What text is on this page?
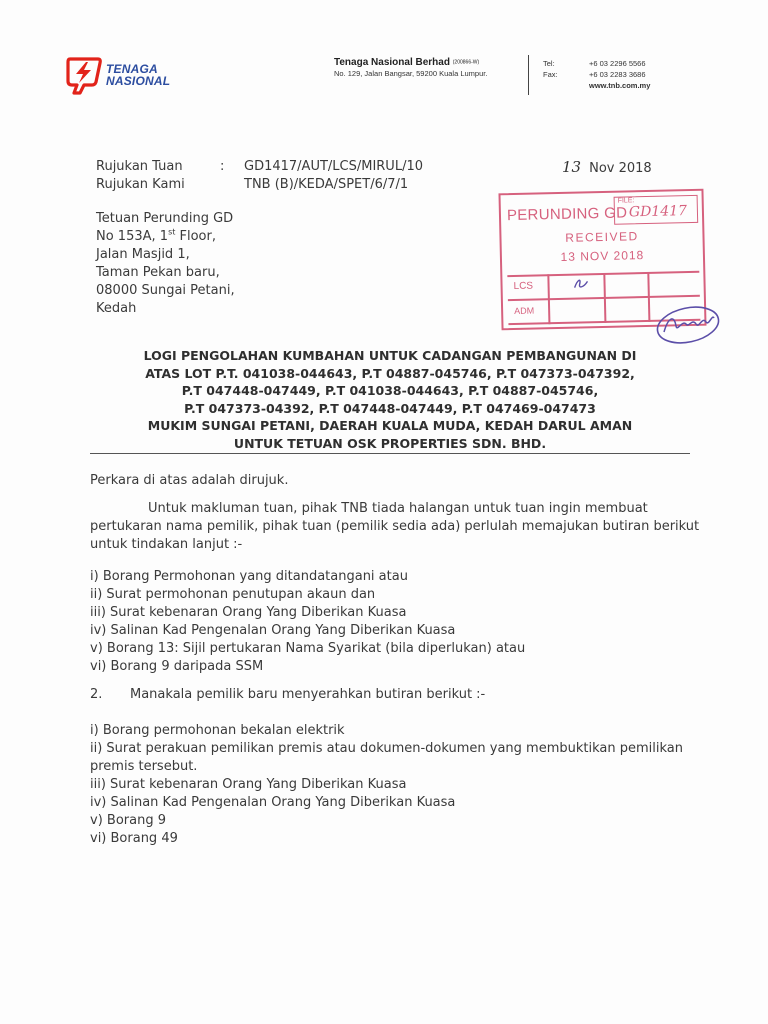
TENAGA
NASIONAL
Tenaga Nasional Berhad (200866-W)
No. 129, Jalan Bangsar, 59200 Kuala Lumpur.
Tel:	+6 03 2296 5566
Fax:	+6 03 2283 3686
www.tnb.com.my
Rujukan Tuan	: GD1417/AUT/LCS/MIRUL/10
Rujukan Kami	TNB (B)/KEDA/SPET/6/7/1
13 Nov 2018
Tetuan Perunding GD
No 153A, 1st Floor,
Jalan Masjid 1,
Taman Pekan baru,
08000 Sungai Petani,
Kedah
PERUNDING GD
FILE:
GD1417
RECEIVED
13 NOV 2018
LCS
ADM
LOGI PENGOLAHAN KUMBAHAN UNTUK CADANGAN PEMBANGUNAN DI
ATAS LOT P.T. 041038-044643, P.T 04887-045746, P.T 047373-047392,
P.T 047448-047449, P.T 041038-044643, P.T 04887-045746,
P.T 047373-04392, P.T 047448-047449, P.T 047469-047473
MUKIM SUNGAI PETANI, DAERAH KUALA MUDA, KEDAH DARUL AMAN
UNTUK TETUAN OSK PROPERTIES SDN. BHD.
Perkara di atas adalah dirujuk.
Untuk makluman tuan, pihak TNB tiada halangan untuk tuan ingin membuat pertukaran nama pemilik, pihak tuan (pemilik sedia ada) perlulah memajukan butiran berikut untuk tindakan lanjut :-
i) Borang Permohonan yang ditandatangani atau
ii) Surat permohonan penutupan akaun dan
iii) Surat kebenaran Orang Yang Diberikan Kuasa
iv) Salinan Kad Pengenalan Orang Yang Diberikan Kuasa
v) Borang 13: Sijil pertukaran Nama Syarikat (bila diperlukan) atau
vi) Borang 9 daripada SSM
2. Manakala pemilik baru menyerahkan butiran berikut :-
i) Borang permohonan bekalan elektrik
ii) Surat perakuan pemilikan premis atau dokumen-dokumen yang membuktikan pemilikan premis tersebut.
iii) Surat kebenaran Orang Yang Diberikan Kuasa
iv) Salinan Kad Pengenalan Orang Yang Diberikan Kuasa
v) Borang 9
vi) Borang 49
